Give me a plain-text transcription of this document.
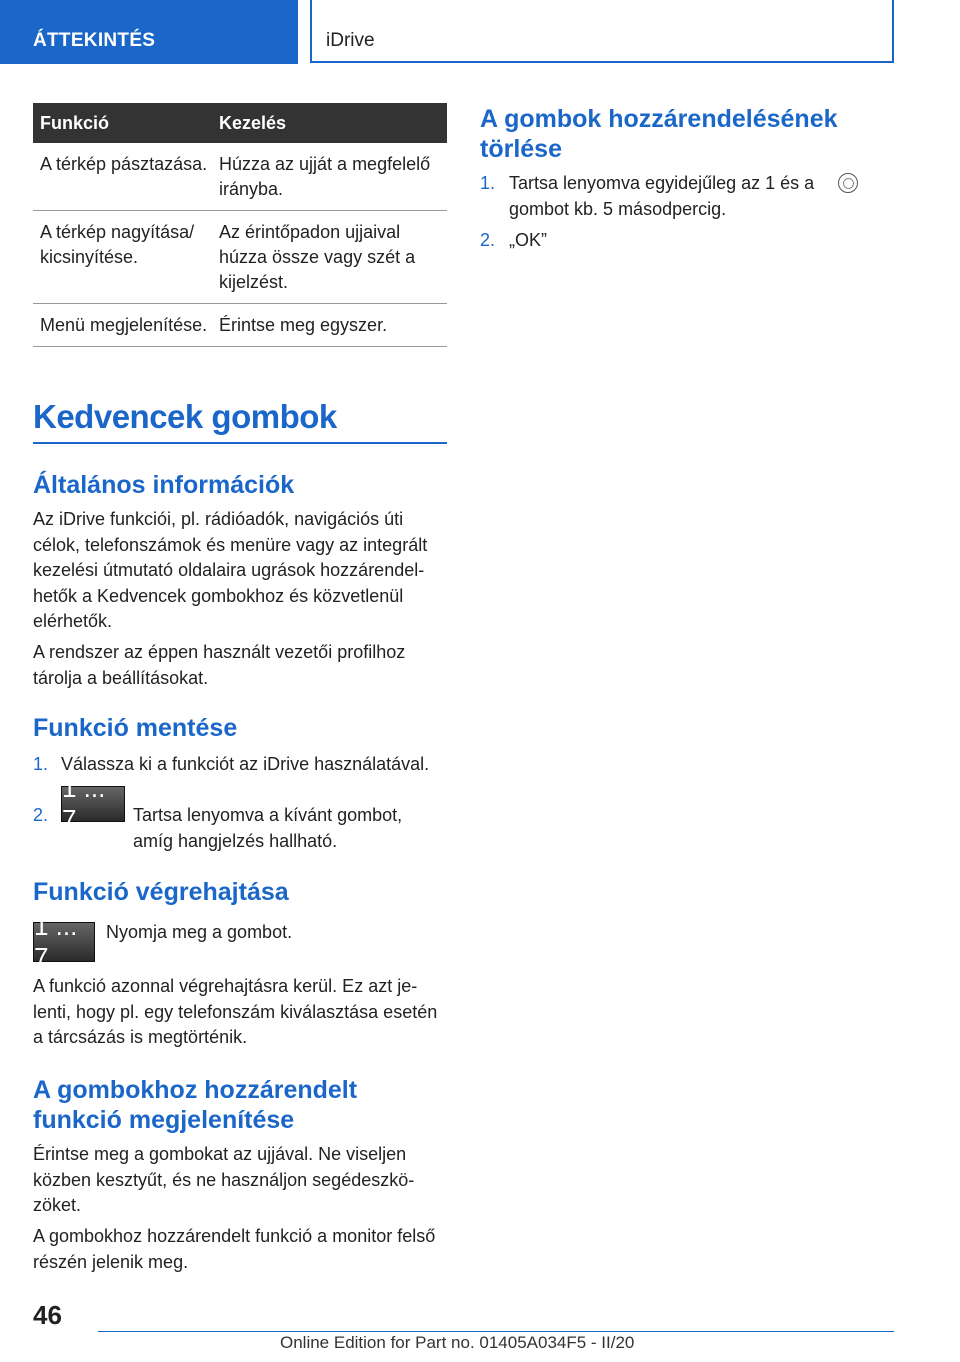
ÁTTEKINTÉS	iDrive
Funkció	Kezelés
A térkép pásztazása.	Húzza az ujját a megfelelő irányba.
A térkép nagyítása/ kicsinyítése.	Az érintőpadon ujjaival húzza össze vagy szét a kijelzést.
Menü megjelenítése.	Érintse meg egyszer.
Kedvencek gombok
Általános információk
Az iDrive funkciói, pl. rádióadók, navigációs úti célok, telefonszámok és menüre vagy az integrált kezelési útmutató oldalaira ugrások hozzárendelhetők a Kedvencek gombokhoz és közvetlenül elérhetők.
A rendszer az éppen használt vezetői profilhoz tárolja a beállításokat.
Funkció mentése
1. Válassza ki a funkciót az iDrive használatával.
2.
1 ... 7	Tartsa lenyomva a kívánt gombot, amíg hangjelzés hallható.
Funkció végrehajtása
1 ... 7
Nyomja meg a gombot.
A funkció azonnal végrehajtásra kerül. Ez azt jelenti, hogy pl. egy telefonszám kiválasztása esetén a tárcsázás is megtörténik.
A gombokhoz hozzárendelt funkció megjelenítése
Érintse meg a gombokat az ujjával. Ne viseljen közben kesztyűt, és ne használjon segédeszközöket.
A gombokhoz hozzárendelt funkció a monitor felső részén jelenik meg.
A gombok hozzárendelésének törlése
1. Tartsa lenyomva egyidejűleg az 1 és a
gombot kb. 5 másodpercig.
2. „OK”
46
Online Edition for Part no. 01405A034F5 - II/20
